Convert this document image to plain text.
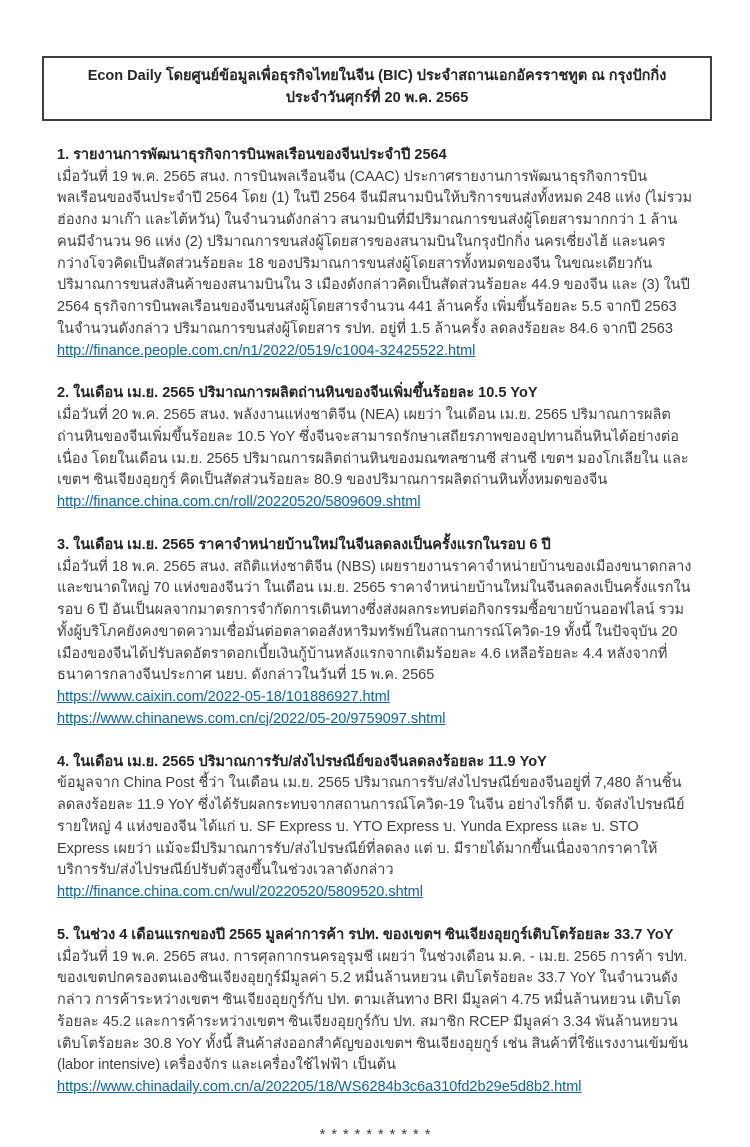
Econ Daily โดยศูนย์ข้อมูลเพื่อธุรกิจไทยในจีน (BIC) ประจำสถานเอกอัครราชทูต ณ กรุงปักกิ่ง
ประจำวันศุกร์ที่ 20 พ.ค. 2565
1. รายงานการพัฒนาธุรกิจการบินพลเรือนของจีนประจำปี 2564

เมื่อวันที่ 19 พ.ค. 2565 สนง. การบินพลเรือนจีน (CAAC) ประกาศรายงานการพัฒนาธุรกิจการบินพลเรือนของจีนประจำปี 2564 โดย (1) ในปี 2564 จีนมีสนามบินให้บริการขนส่งทั้งหมด 248 แห่ง (ไม่รวมฮ่องกง มาเก๊า และไต้หวัน) ในจำนวนดังกล่าว สนามบินที่มีปริมาณการขนส่งผู้โดยสารมากกว่า 1 ล้านคนมีจำนวน 96 แห่ง (2) ปริมาณการขนส่งผู้โดยสารของสนามบินในกรุงปักกิ่ง นครเซี่ยงไฮ้ และนครกว่างโจวคิดเป็นสัดส่วนร้อยละ 18 ของปริมาณการขนส่งผู้โดยสารทั้งหมดของจีน ในขณะเดียวกัน ปริมาณการขนส่งสินค้าของสนามบินใน 3 เมืองดังกล่าวคิดเป็นสัดส่วนร้อยละ 44.9 ของจีน และ (3) ในปี 2564 ธุรกิจการบินพลเรือนของจีนขนส่งผู้โดยสารจำนวน 441 ล้านครั้ง เพิ่มขึ้นร้อยละ 5.5 จากปี 2563 ในจำนวนดังกล่าว ปริมาณการขนส่งผู้โดยสาร รปท. อยู่ที่ 1.5 ล้านครั้ง ลดลงร้อยละ 84.6 จากปี 2563

http://finance.people.com.cn/n1/2022/0519/c1004-32425522.html
2. ในเดือน เม.ย. 2565 ปริมาณการผลิตถ่านหินของจีนเพิ่มขึ้นร้อยละ 10.5 YoY

เมื่อวันที่ 20 พ.ค. 2565 สนง. พลังงานแห่งชาติจีน (NEA) เผยว่า ในเดือน เม.ย. 2565 ปริมาณการผลิตถ่านหินของจีนเพิ่มขึ้นร้อยละ 10.5 YoY ซึ่งจีนจะสามารถรักษาเสถียรภาพของอุปทานถิ่นหินได้อย่างต่อเนื่อง โดยในเดือน เม.ย. 2565 ปริมาณการผลิตถ่านหินของมณฑลซานซี ส่านซี เขตฯ มองโกเลียใน และเขตฯ ซินเจียงอุยกูร์ คิดเป็นสัดส่วนร้อยละ 80.9 ของปริมาณการผลิตถ่านหินทั้งหมดของจีน

http://finance.china.com.cn/roll/20220520/5809609.shtml
3. ในเดือน เม.ย. 2565 ราคาจำหน่ายบ้านใหม่ในจีนลดลงเป็นครั้งแรกในรอบ 6 ปี

เมื่อวันที่ 18 พ.ค. 2565 สนง. สถิติแห่งชาติจีน (NBS) เผยรายงานราคาจำหน่ายบ้านของเมืองขนาดกลางและขนาดใหญ่ 70 แห่งของจีนว่า ในเดือน เม.ย. 2565 ราคาจำหน่ายบ้านใหม่ในจีนลดลงเป็นครั้งแรกในรอบ 6 ปี อันเป็นผลจากมาตรการจำกัดการเดินทางซึ่งส่งผลกระทบต่อกิจกรรมซื้อขายบ้านออฟไลน์ รวมทั้งผู้บริโภคยังคงขาดความเชื่อมั่นต่อตลาดอสังหาริมทรัพย์ในสถานการณ์โควิด-19 ทั้งนี้ ในปัจจุบัน 20 เมืองของจีนได้ปรับลดอัตราดอกเบี้ยเงินกู้บ้านหลังแรกจากเดิมร้อยละ 4.6 เหลือร้อยละ 4.4 หลังจากที่ธนาคารกลางจีนประกาศ นยบ. ดังกล่าวในวันที่ 15 พ.ค. 2565

https://www.caixin.com/2022-05-18/101886927.html
https://www.chinanews.com.cn/cj/2022/05-20/9759097.shtml
4. ในเดือน เม.ย. 2565 ปริมาณการรับ/ส่งไปรษณีย์ของจีนลดลงร้อยละ 11.9 YoY

ข้อมูลจาก China Post ชี้ว่า ในเดือน เม.ย. 2565 ปริมาณการรับ/ส่งไปรษณีย์ของจีนอยู่ที่ 7,480 ล้านชิ้น ลดลงร้อยละ 11.9 YoY ซึ่งได้รับผลกระทบจากสถานการณ์โควิด-19 ในจีน อย่างไรก็ดี บ. จัดส่งไปรษณีย์รายใหญ่ 4 แห่งของจีน ได้แก่ บ. SF Express บ. YTO Express บ. Yunda Express และ บ. STO Express เผยว่า แม้จะมีปริมาณการรับ/ส่งไปรษณีย์ที่ลดลง แต่ บ. มีรายได้มากขึ้นเนื่องจากราคาให้บริการรับ/ส่งไปรษณีย์ปรับตัวสูงขึ้นในช่วงเวลาดังกล่าว

http://finance.china.com.cn/wul/20220520/5809520.shtml
5. ในช่วง 4 เดือนแรกของปี 2565 มูลค่าการค้า รปท. ของเขตฯ ซินเจียงอุยกูร์เติบโตร้อยละ 33.7 YoY

เมื่อวันที่ 19 พ.ค. 2565 สนง. การศุลกากรนครอุรุมชี เผยว่า ในช่วงเดือน ม.ค. - เม.ย. 2565 การค้า รปท. ของเขตปกครองตนเองซินเจียงอุยกูร์มีมูลค่า 5.2 หมื่นล้านหยวน เติบโตร้อยละ 33.7 YoY ในจำนวนดังกล่าว การค้าระหว่างเขตฯ ซินเจียงอุยกูร์กับ ปท. ตามเส้นทาง BRI มีมูลค่า 4.75 หมื่นล้านหยวน เติบโตร้อยละ 45.2 และการค้าระหว่างเขตฯ ซินเจียงอุยกูร์กับ ปท. สมาชิก RCEP มีมูลค่า 3.34 พันล้านหยวน เติบโตร้อยละ 30.8 YoY ทั้งนี้ สินค้าส่งออกสำคัญของเขตฯ ซินเจียงอุยกูร์ เช่น สินค้าที่ใช้แรงงานเข้มข้น (labor intensive) เครื่องจักร และเครื่องใช้ไฟฟ้า เป็นต้น

https://www.chinadaily.com.cn/a/202205/18/WS6284b3c6a310fd2b29e5d8b2.html
* * * * * * * * * *
